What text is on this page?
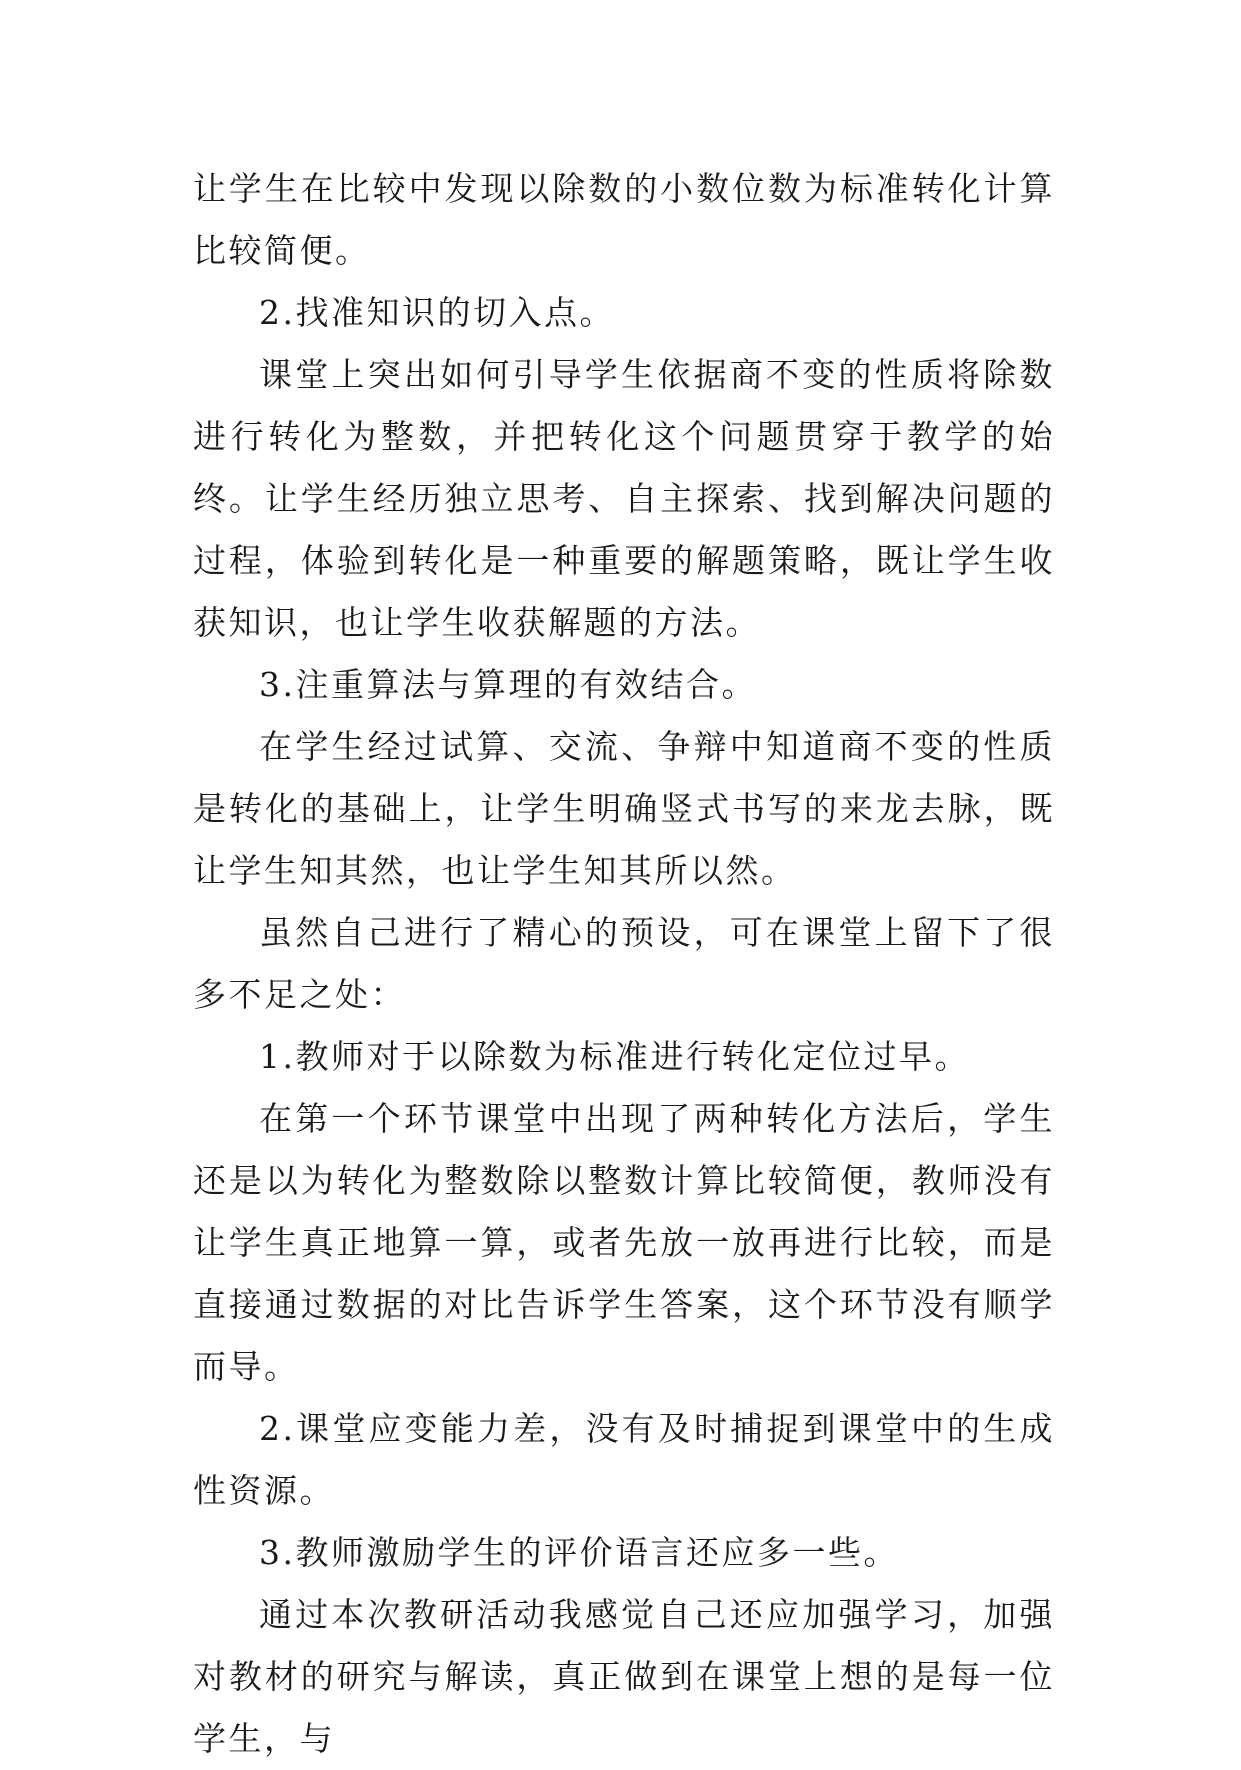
让学生在比较中发现以除数的小数位数为标准转化计算比较简便。

2.找准知识的切入点。

课堂上突出如何引导学生依据商不变的性质将除数进行转化为整数，并把转化这个问题贯穿于教学的始终。让学生经历独立思考、自主探索、找到解决问题的过程，体验到转化是一种重要的解题策略，既让学生收获知识，也让学生收获解题的方法。

3.注重算法与算理的有效结合。

在学生经过试算、交流、争辩中知道商不变的性质是转化的基础上，让学生明确竖式书写的来龙去脉，既让学生知其然，也让学生知其所以然。

虽然自己进行了精心的预设，可在课堂上留下了很多不足之处：

1.教师对于以除数为标准进行转化定位过早。

在第一个环节课堂中出现了两种转化方法后，学生还是以为转化为整数除以整数计算比较简便，教师没有让学生真正地算一算，或者先放一放再进行比较，而是直接通过数据的对比告诉学生答案，这个环节没有顺学而导。

2.课堂应变能力差，没有及时捕捉到课堂中的生成性资源。

3.教师激励学生的评价语言还应多一些。

通过本次教研活动我感觉自己还应加强学习，加强对教材的研究与解读，真正做到在课堂上想的是每一位学生，与
